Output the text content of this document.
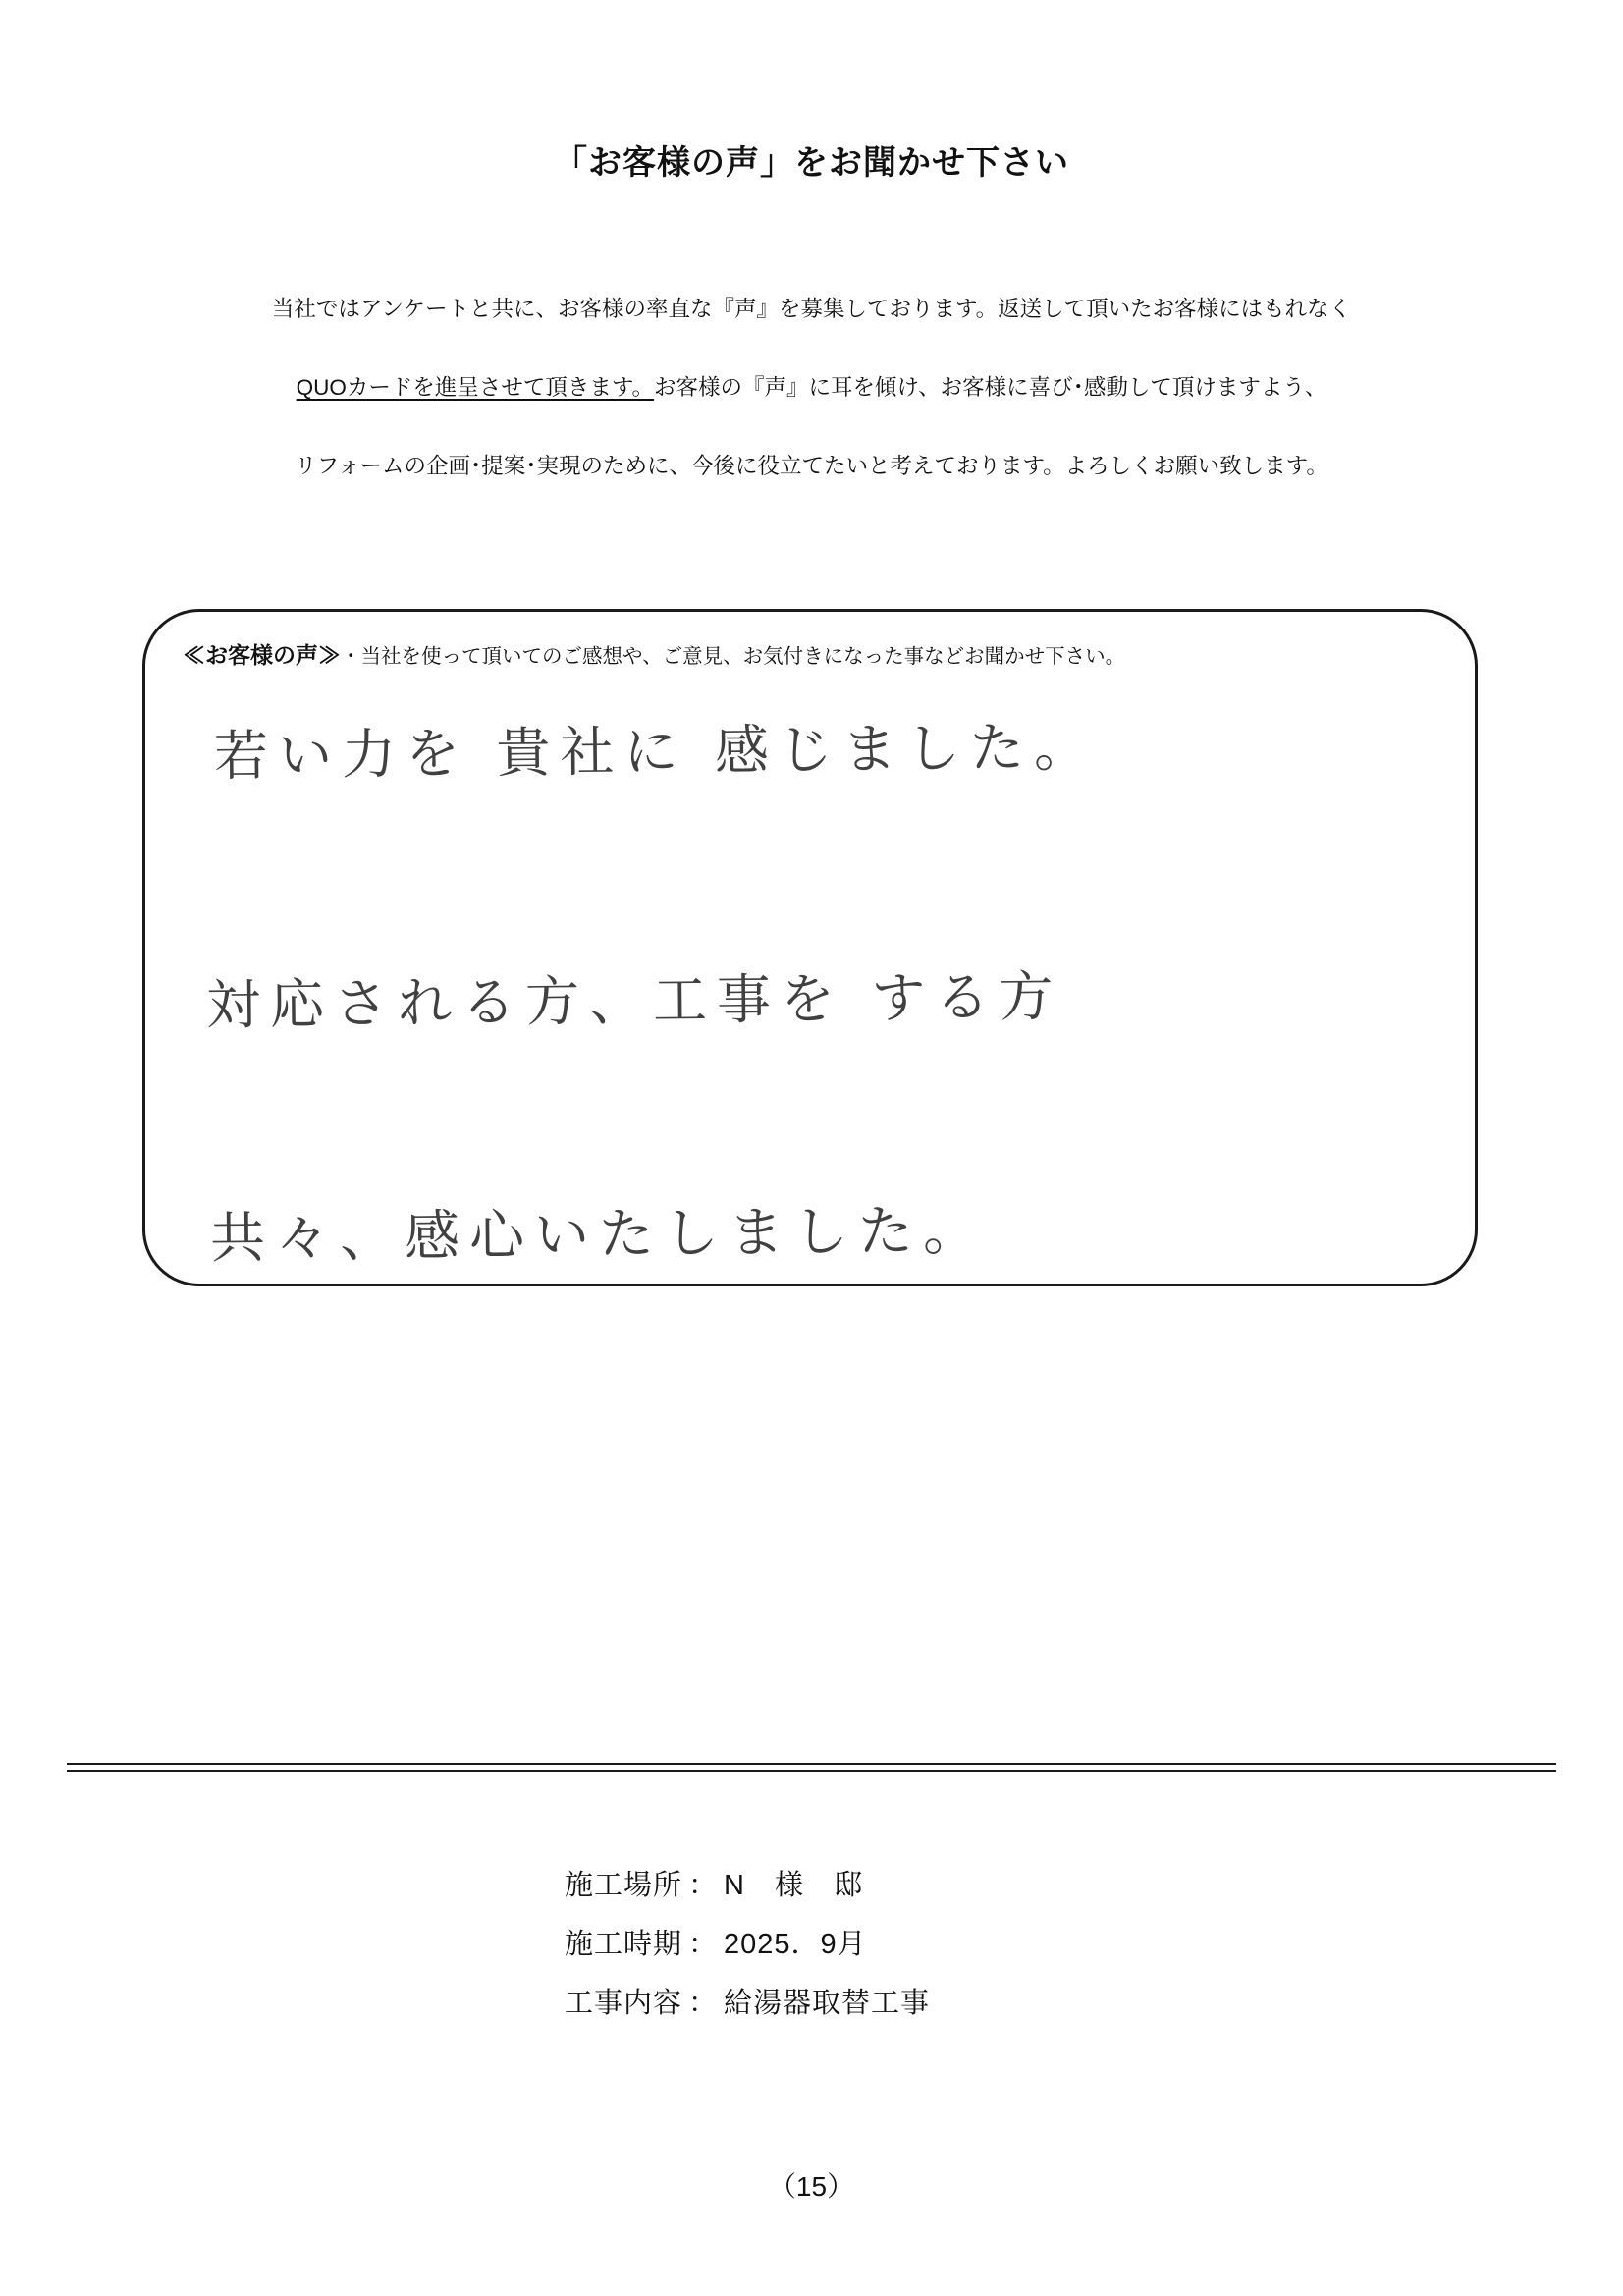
「お客様の声」をお聞かせ下さい
当社ではアンケートと共に、お客様の率直な『声』を募集しております。返送して頂いたお客様にはもれなく
QUOカードを進呈させて頂きます。お客様の『声』に耳を傾け、お客様に喜び･感動して頂けますよう、
リフォームの企画･提案･実現のために、今後に役立てたいと考えております。よろしくお願い致します。
≪お客様の声≫・当社を使って頂いてのご感想や、ご意見、お気付きになった事などお聞かせ下さい。
若い力を 貴社に 感じました。
対応される方、工事を する方
共々、感心いたしました。
施工場所 ： N　様　邸
施工時期 ： 2025．9月
工事内容 ： 給湯器取替工事
（15）
